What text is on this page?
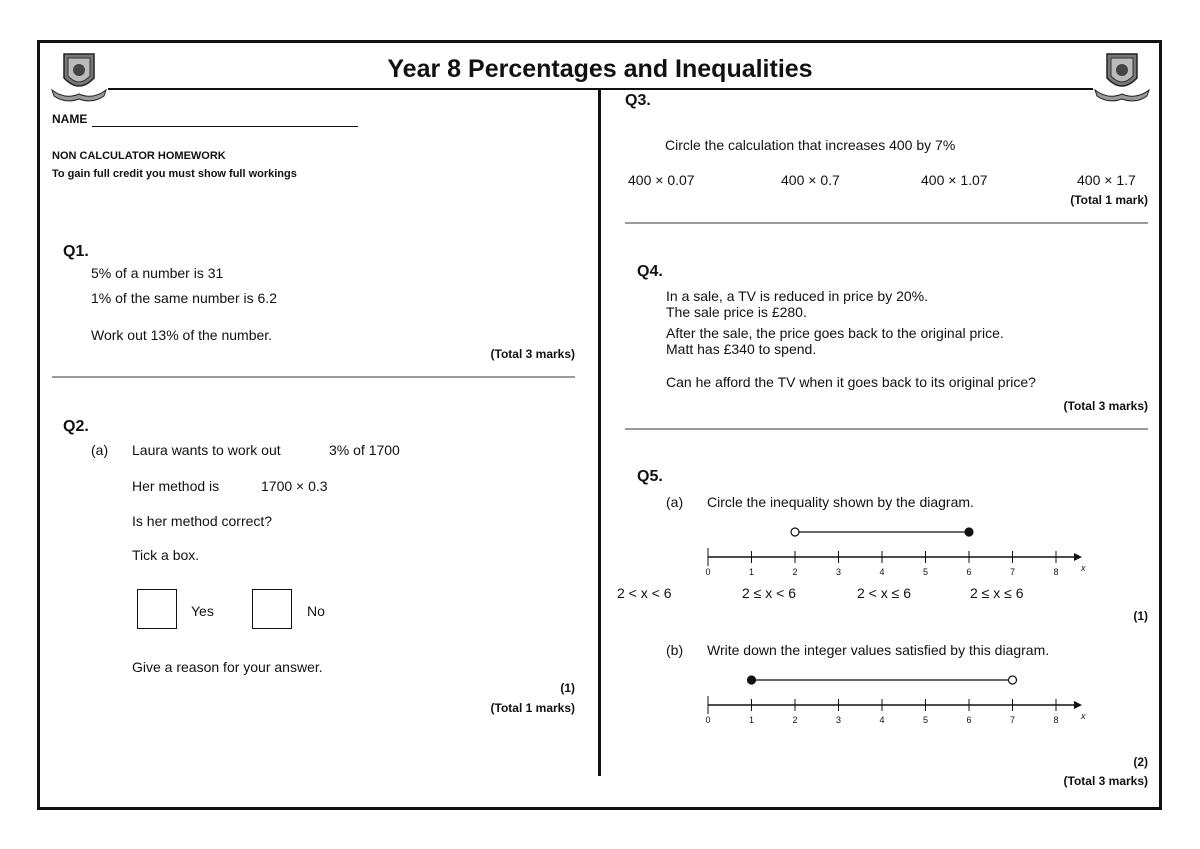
Year 8 Percentages and Inequalities
NAME
NON CALCULATOR HOMEWORK
To gain full credit you must show full workings
Q1.
5% of a number is 31
1% of the same number is 6.2
Work out 13% of the number.
(Total 3 marks)
Q2.
(a) Laura wants to work out	3% of 1700
Her method is	1700 × 0.3
Is her method correct?
Tick a box.
Yes	No
Give a reason for your answer.
(1)
(Total 1 marks)
Q3.
Circle the calculation that increases 400 by 7%
400 × 0.07	400 × 0.7	400 × 1.07	400 × 1.7
(Total 1 mark)
Q4.
In a sale, a TV is reduced in price by 20%.
The sale price is £280.
After the sale, the price goes back to the original price.
Matt has £340 to spend.
Can he afford the TV when it goes back to its original price?
(Total 3 marks)
Q5.
(a) Circle the inequality shown by the diagram.
x
0	1	2	3	4	5	6	7	8
2 < x < 6	2 ≤ x < 6	2 < x ≤ 6	2 ≤ x ≤ 6
(1)
(b) Write down the integer values satisfied by this diagram.
x
0	1	2	3	4	5	6	7	8
(2)
(Total 3 marks)
